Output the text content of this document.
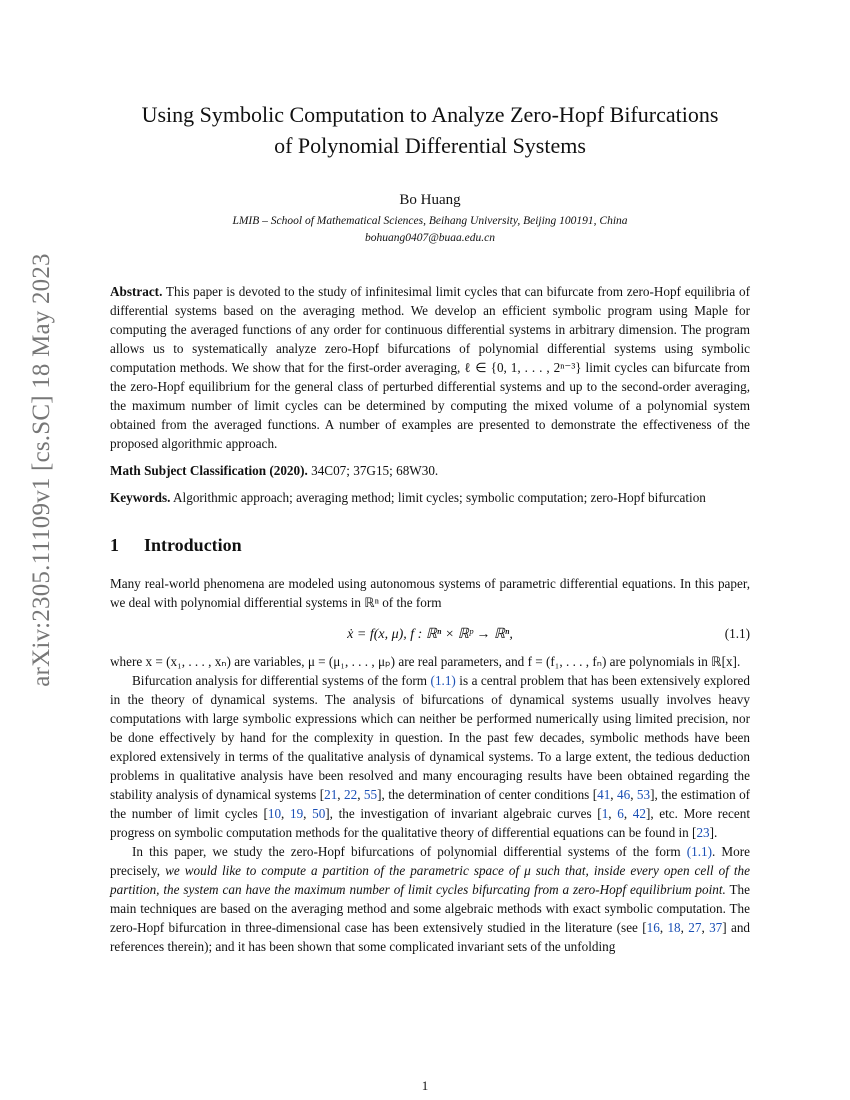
arXiv:2305.11109v1 [cs.SC] 18 May 2023
Using Symbolic Computation to Analyze Zero-Hopf Bifurcations
of Polynomial Differential Systems
Bo Huang
LMIB – School of Mathematical Sciences, Beihang University, Beijing 100191, China
bohuang0407@buaa.edu.cn
Abstract. This paper is devoted to the study of infinitesimal limit cycles that can bifurcate from zero-Hopf equilibria of differential systems based on the averaging method. We develop an efficient symbolic program using Maple for computing the averaged functions of any order for continuous differential systems in arbitrary dimension. The program allows us to systematically analyze zero-Hopf bifurcations of polynomial differential systems using symbolic computation methods. We show that for the first-order averaging, ℓ ∈ {0, 1, . . . , 2ⁿ⁻³} limit cycles can bifurcate from the zero-Hopf equilibrium for the general class of perturbed differential systems and up to the second-order averaging, the maximum number of limit cycles can be determined by computing the mixed volume of a polynomial system obtained from the averaged functions. A number of examples are presented to demonstrate the effectiveness of the proposed algorithmic approach.
Math Subject Classification (2020). 34C07; 37G15; 68W30.
Keywords. Algorithmic approach; averaging method; limit cycles; symbolic computation; zero-Hopf bifurcation
1 Introduction

Many real-world phenomena are modeled using autonomous systems of parametric differential equations. In this paper, we deal with polynomial differential systems in ℝⁿ of the form

ẋ = f(x, μ), f : ℝⁿ × ℝᵖ → ℝⁿ,	(1.1)

where x = (x₁, . . . , xₙ) are variables, μ = (μ₁, . . . , μₚ) are real parameters, and f = (f₁, . . . , fₙ) are polynomials in ℝ[x].

Bifurcation analysis for differential systems of the form (1.1) is a central problem that has been extensively explored in the theory of dynamical systems. The analysis of bifurcations of dynamical systems usually involves heavy computations with large symbolic expressions which can neither be performed numerically using limited precision, nor be done effectively by hand for the complexity in question. In the past few decades, symbolic methods have been explored extensively in terms of the qualitative analysis of dynamical systems. To a large extent, the tedious deduction problems in qualitative analysis have been resolved and many encouraging results have been obtained regarding the stability analysis of dynamical systems [21, 22, 55], the determination of center conditions [41, 46, 53], the estimation of the number of limit cycles [10, 19, 50], the investigation of invariant algebraic curves [1, 6, 42], etc. More recent progress on symbolic computation methods for the qualitative theory of differential equations can be found in [23].

In this paper, we study the zero-Hopf bifurcations of polynomial differential systems of the form (1.1). More precisely, we would like to compute a partition of the parametric space of μ such that, inside every open cell of the partition, the system can have the maximum number of limit cycles bifurcating from a zero-Hopf equilibrium point. The main techniques are based on the averaging method and some algebraic methods with exact symbolic computation. The zero-Hopf bifurcation in three-dimensional case has been extensively studied in the literature (see [16, 18, 27, 37] and references therein); and it has been shown that some complicated invariant sets of the unfolding

1
